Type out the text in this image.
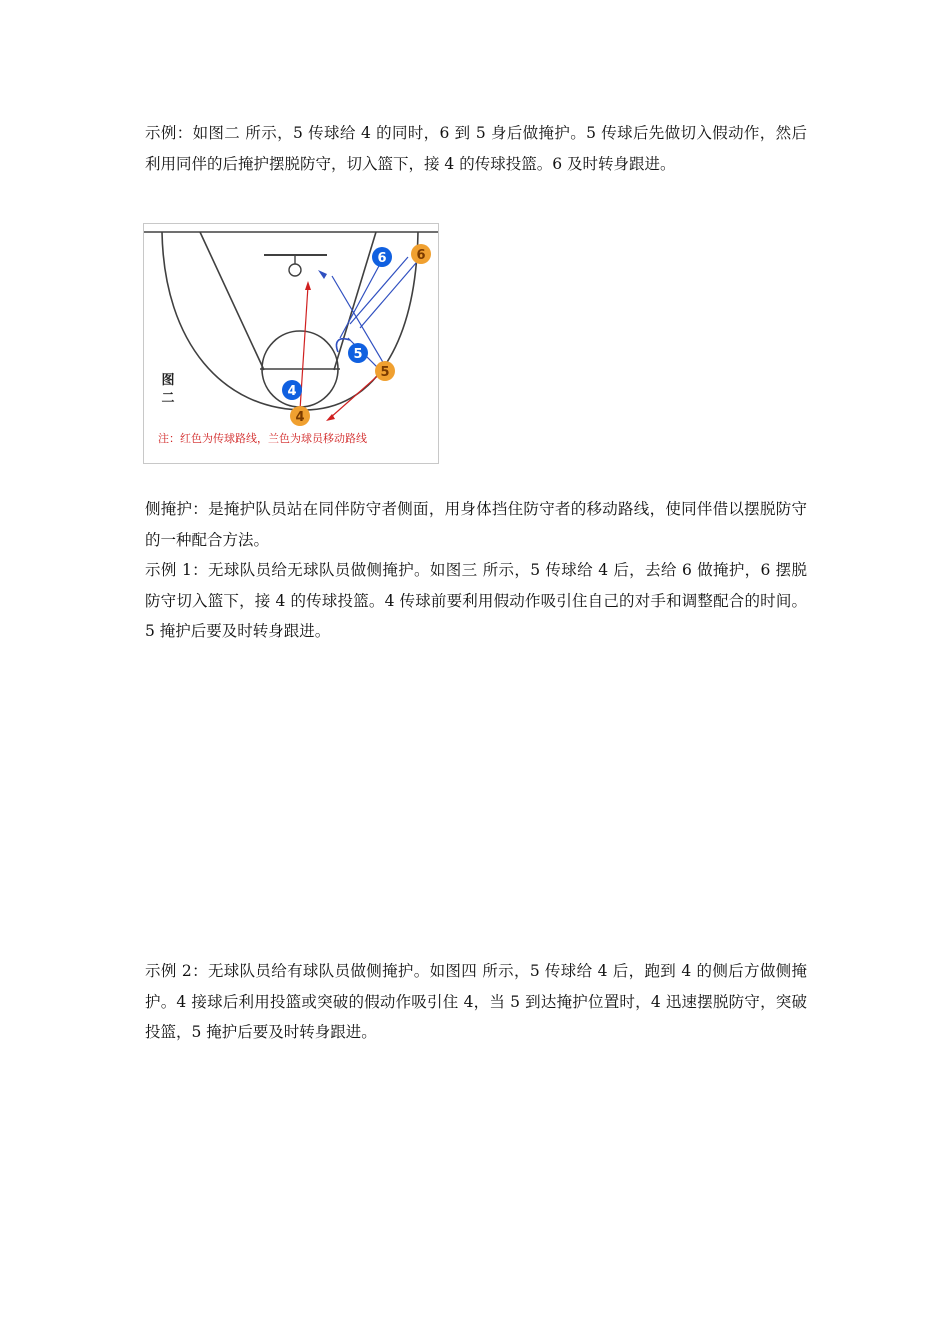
示例：如图二 所示，5 传球给 4 的同时，6 到 5 身后做掩护。5 传球后先做切入假动作，然后利用同伴的后掩护摆脱防守，切入篮下，接 4 的传球投篮。6 及时转身跟进。

6 6
5
5
4
4
图
二
注：红色为传球路线，兰色为球员移动路线

侧掩护：是掩护队员站在同伴防守者侧面，用身体挡住防守者的移动路线，使同伴借以摆脱防守的一种配合方法。

示例 1：无球队员给无球队员做侧掩护。如图三 所示，5 传球给 4 后，去给 6 做掩护，6 摆脱防守切入篮下，接 4 的传球投篮。4 传球前要利用假动作吸引住自己的对手和调整配合的时间。5 掩护后要及时转身跟进。

示例 2：无球队员给有球队员做侧掩护。如图四 所示，5 传球给 4 后，跑到 4 的侧后方做侧掩护。4 接球后利用投篮或突破的假动作吸引住 4，当 5 到达掩护位置时，4 迅速摆脱防守，突破投篮，5 掩护后要及时转身跟进。
